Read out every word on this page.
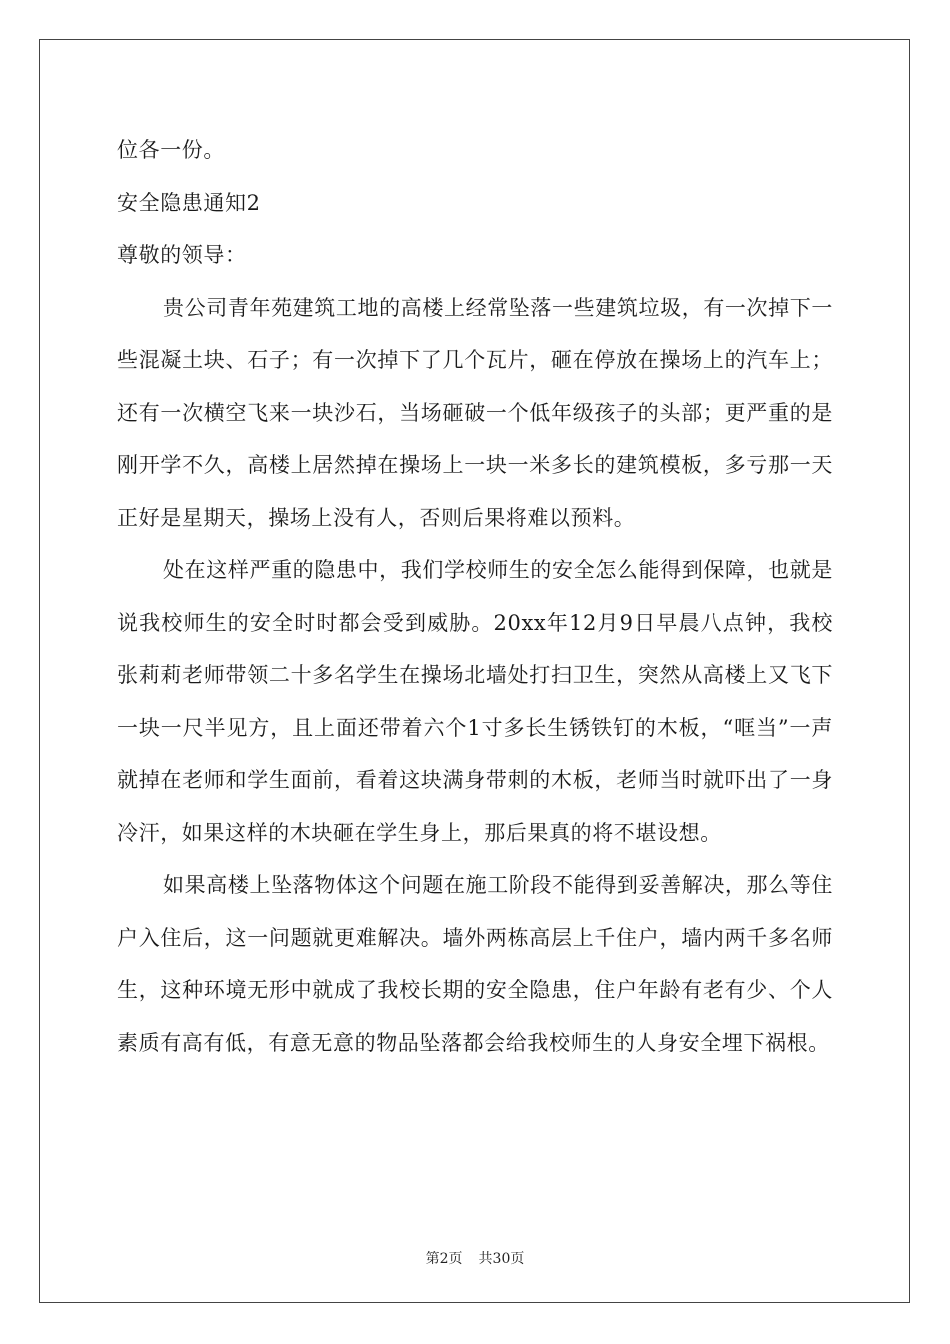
位各一份。
安全隐患通知2
尊敬的领导：

贵公司青年苑建筑工地的高楼上经常坠落一些建筑垃圾，有一次掉下一些混凝土块、石子；有一次掉下了几个瓦片，砸在停放在操场上的汽车上；还有一次横空飞来一块沙石，当场砸破一个低年级孩子的头部；更严重的是刚开学不久，高楼上居然掉在操场上一块一米多长的建筑模板，多亏那一天正好是星期天，操场上没有人，否则后果将难以预料。

处在这样严重的隐患中，我们学校师生的安全怎么能得到保障，也就是说我校师生的安全时时都会受到威胁。20xx年12月9日早晨八点钟，我校张莉莉老师带领二十多名学生在操场北墙处打扫卫生，突然从高楼上又飞下一块一尺半见方，且上面还带着六个1寸多长生锈铁钉的木板，“哐当”一声就掉在老师和学生面前，看着这块满身带刺的木板，老师当时就吓出了一身冷汗，如果这样的木块砸在学生身上，那后果真的将不堪设想。

如果高楼上坠落物体这个问题在施工阶段不能得到妥善解决，那么等住户入住后，这一问题就更难解决。墙外两栋高层上千住户，墙内两千多名师生，这种环境无形中就成了我校长期的安全隐患，住户年龄有老有少、个人素质有高有低，有意无意的物品坠落都会给我校师生的人身安全埋下祸根。

第2页 共30页
